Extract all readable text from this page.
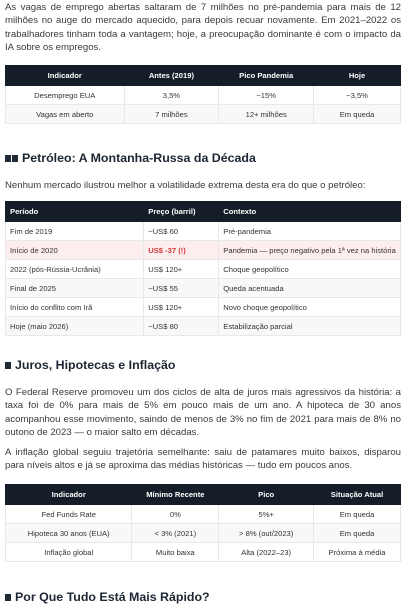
As vagas de emprego abertas saltaram de 7 milhões no pré-pandemia para mais de 12 milhões no auge do mercado aquecido, para depois recuar novamente. Em 2021–2022 os trabalhadores tinham toda a vantagem; hoje, a preocupação dominante é com o impacto da IA sobre os empregos.

Indicador	Antes (2019)	Pico Pandemia	Hoje
Desemprego EUA	3,5%	~15%	~3,5%
Vagas em aberto	7 milhões	12+ milhões	Em queda
Petróleo: A Montanha-Russa da Década

Nenhum mercado ilustrou melhor a volatilidade extrema desta era do que o petróleo:

Período	Preço (barril)	Contexto
Fim de 2019	~US$ 60	Pré-pandemia
Início de 2020	US$ -37 (!)	Pandemia — preço negativo pela 1ª vez na história
2022 (pós-Rússia-Ucrânia)	US$ 120+	Choque geopolítico
Final de 2025	~US$ 55	Queda acentuada
Início do conflito com Irã	US$ 120+	Novo choque geopolítico
Hoje (maio 2026)	~US$ 80	Estabilização parcial
Juros, Hipotecas e Inflação

O Federal Reserve promoveu um dos ciclos de alta de juros mais agressivos da história: a taxa foi de 0% para mais de 5% em pouco mais de um ano. A hipoteca de 30 anos acompanhou esse movimento, saindo de menos de 3% no fim de 2021 para mais de 8% no outono de 2023 — o maior salto em décadas.

A inflação global seguiu trajetória semelhante: saiu de patamares muito baixos, disparou para níveis altos e já se aproxima das médias históricas — tudo em poucos anos.

Indicador	Mínimo Recente	Pico	Situação Atual
Fed Funds Rate	0%	5%+	Em queda
Hipoteca 30 anos (EUA)	< 3% (2021)	> 8% (out/2023)	Em queda
Inflação global	Muito baixa	Alta (2022–23)	Próxima à média
Por Que Tudo Está Mais Rápido?
